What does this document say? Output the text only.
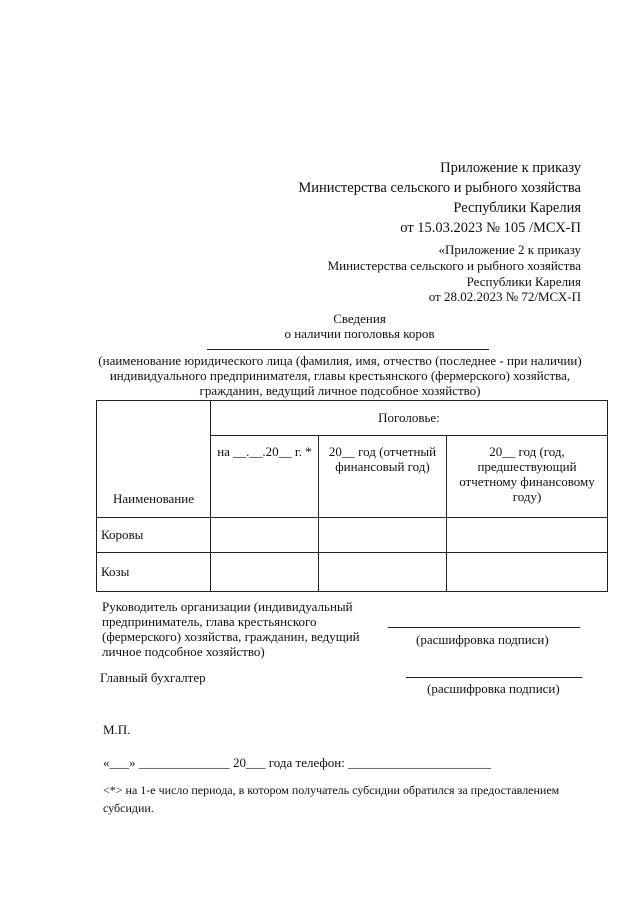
Приложение к приказу
Министерства сельского и рыбного хозяйства
Республики Карелия
от 15.03.2023 № 105 /МСХ-П
«Приложение 2 к приказу
Министерства сельского и рыбного хозяйства
Республики Карелия
от 28.02.2023 № 72/МСХ-П
Сведения
о наличии поголовья коров
(наименование юридического лица (фамилия, имя, отчество (последнее - при наличии)
индивидуального предпринимателя, главы крестьянского (фермерского) хозяйства,
гражданин, ведущий личное подсобное хозяйство)
Наименование	Поголовье:		
	на __.__.20__ г. *	20__ год (отчетный финансовый год)	20__ год (год, предшествующий отчетному финансовому году)
Коровы			
Козы			
Руководитель организации (индивидуальный
предприниматель, глава крестьянского
(фермерского) хозяйства, гражданин, ведущий
личное подсобное хозяйство)
(расшифровка подписи)
Главный бухгалтер
(расшифровка подписи)
М.П.
«___» ______________ 20___ года телефон: ______________________
<*> на 1-е число периода, в котором получатель субсидии обратился за предоставлением
субсидии.
